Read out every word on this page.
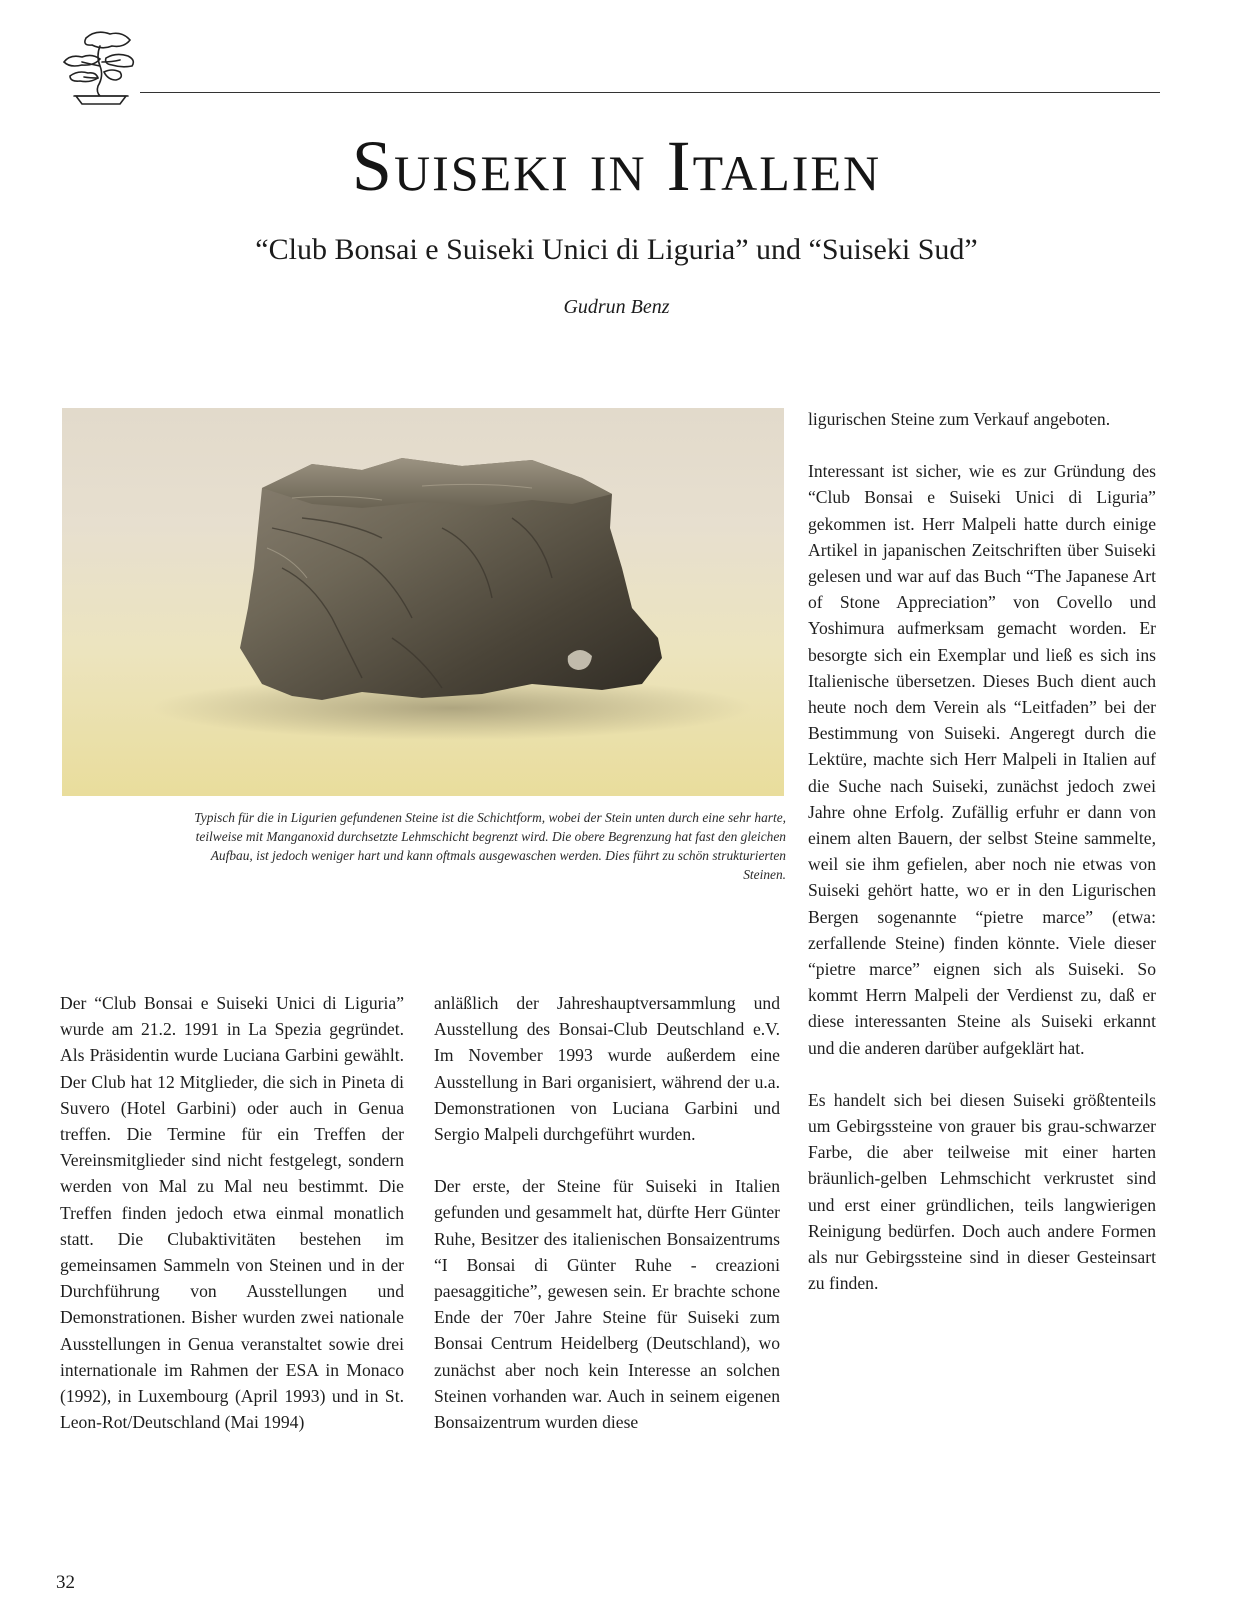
Suiseki in Italien
“Club Bonsai e Suiseki Unici di Liguria” und “Suiseki Sud”
Gudrun Benz
Typisch für die in Ligurien gefundenen Steine ist die Schichtform, wobei der Stein unten durch eine sehr harte, teilweise mit Manganoxid durchsetzte Lehmschicht begrenzt wird. Die obere Begrenzung hat fast den gleichen Aufbau, ist jedoch weniger hart und kann oftmals ausgewaschen werden. Dies führt zu schön strukturierten Steinen.

Der “Club Bonsai e Suiseki Unici di Liguria” wurde am 21.2. 1991 in La Spezia gegründet. Als Präsidentin wurde Luciana Garbini gewählt. Der Club hat 12 Mitglieder, die sich in Pineta di Suvero (Hotel Garbini) oder auch in Genua treffen. Die Termine für ein Treffen der Vereinsmitglieder sind nicht festgelegt, sondern werden von Mal zu Mal neu bestimmt. Die Treffen finden jedoch etwa einmal monatlich statt. Die Clubaktivitäten bestehen im gemeinsamen Sammeln von Steinen und in der Durchführung von Ausstellungen und Demonstrationen. Bisher wurden zwei nationale Ausstellungen in Genua veranstaltet sowie drei internationale im Rahmen der ESA in Monaco (1992), in Luxembourg (April 1993) und in St. Leon-Rot/Deutschland (Mai 1994)

anläßlich der Jahreshauptversammlung und Ausstellung des Bonsai-Club Deutschland e.V. Im November 1993 wurde außerdem eine Ausstellung in Bari organisiert, während der u.a. Demonstrationen von Luciana Garbini und Sergio Malpeli durchgeführt wurden.

Der erste, der Steine für Suiseki in Italien gefunden und gesammelt hat, dürfte Herr Günter Ruhe, Besitzer des italienischen Bonsaizentrums “I Bonsai di Günter Ruhe - creazioni paesaggitiche”, gewesen sein. Er brachte schone Ende der 70er Jahre Steine für Suiseki zum Bonsai Centrum Heidelberg (Deutschland), wo zunächst aber noch kein Interesse an solchen Steinen vorhanden war. Auch in seinem eigenen Bonsaizentrum wurden diese

ligurischen Steine zum Verkauf angeboten.

Interessant ist sicher, wie es zur Gründung des “Club Bonsai e Suiseki Unici di Liguria” gekommen ist. Herr Malpeli hatte durch einige Artikel in japanischen Zeitschriften über Suiseki gelesen und war auf das Buch “The Japanese Art of Stone Appreciation” von Covello und Yoshimura aufmerksam gemacht worden. Er besorgte sich ein Exemplar und ließ es sich ins Italienische übersetzen. Dieses Buch dient auch heute noch dem Verein als “Leitfaden” bei der Bestimmung von Suiseki. Angeregt durch die Lektüre, machte sich Herr Malpeli in Italien auf die Suche nach Suiseki, zunächst jedoch zwei Jahre ohne Erfolg. Zufällig erfuhr er dann von einem alten Bauern, der selbst Steine sammelte, weil sie ihm gefielen, aber noch nie etwas von Suiseki gehört hatte, wo er in den Ligurischen Bergen sogenannte “pietre marce” (etwa: zerfallende Steine) finden könnte. Viele dieser “pietre marce” eignen sich als Suiseki. So kommt Herrn Malpeli der Verdienst zu, daß er diese interessanten Steine als Suiseki erkannt und die anderen darüber aufgeklärt hat.

Es handelt sich bei diesen Suiseki größtenteils um Gebirgssteine von grauer bis grau-schwarzer Farbe, die aber teilweise mit einer harten bräunlich-gelben Lehmschicht verkrustet sind und erst einer gründlichen, teils langwierigen Reinigung bedürfen. Doch auch andere Formen als nur Gebirgssteine sind in dieser Gesteinsart zu finden.

32
